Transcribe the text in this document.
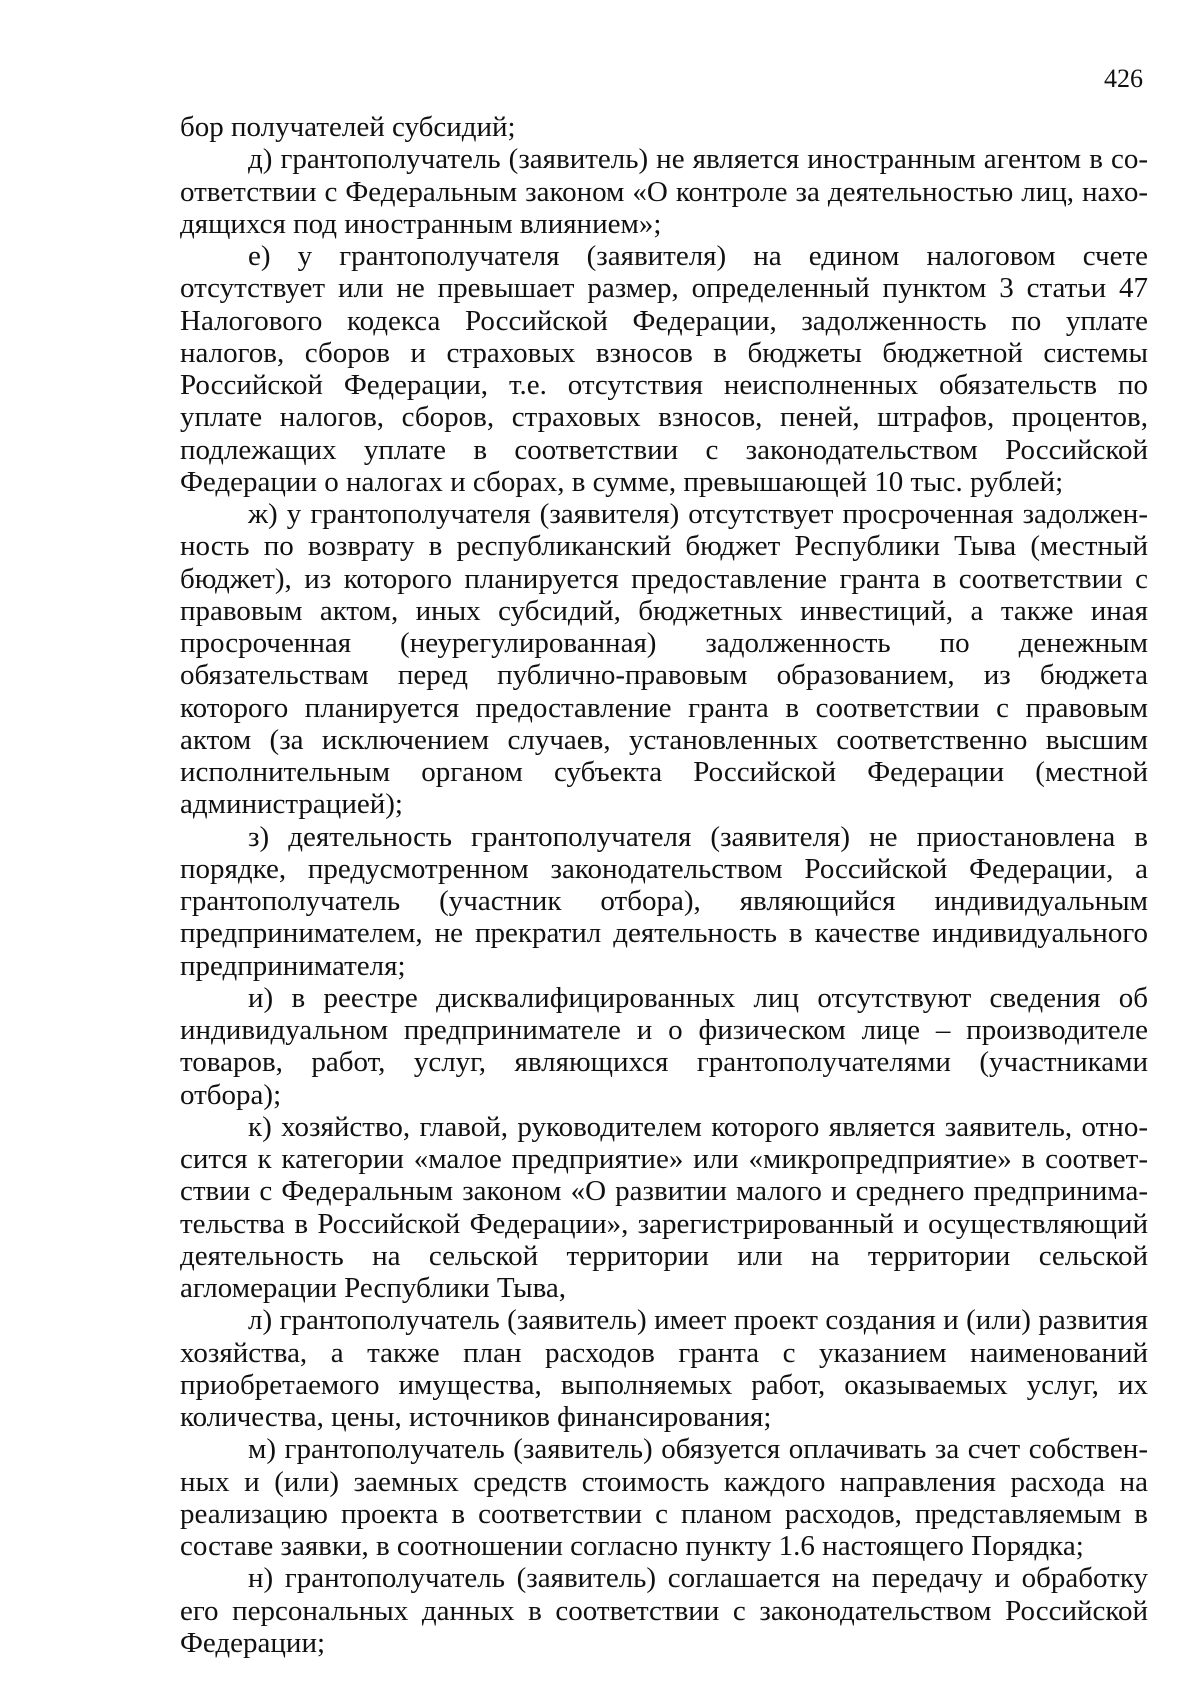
426

бор получателей субсидий;

д) грантополучатель (заявитель) не является иностранным агентом в соответствии с Федеральным законом «О контроле за деятельностью лиц, находящихся под иностранным влиянием»;

е) у грантополучателя (заявителя) на едином налоговом счете отсутствует или не превышает размер, определенный пунктом 3 статьи 47 Налогового кодекса Российской Федерации, задолженность по уплате налогов, сборов и страховых взносов в бюджеты бюджетной системы Российской Федерации, т.е. отсутствия неисполненных обязательств по уплате налогов, сборов, страховых взносов, пеней, штрафов, процентов, подлежащих уплате в соответствии с законодательством Российской Федерации о налогах и сборах, в сумме, превышающей 10 тыс. рублей;

ж) у грантополучателя (заявителя) отсутствует просроченная задолженность по возврату в республиканский бюджет Республики Тыва (местный бюджет), из которого планируется предоставление гранта в соответствии с правовым актом, иных субсидий, бюджетных инвестиций, а также иная просроченная (неурегулированная) задолженность по денежным обязательствам перед публично-правовым образованием, из бюджета которого планируется предоставление гранта в соответствии с правовым актом (за исключением случаев, установленных соответственно высшим исполнительным органом субъекта Российской Федерации (местной администрацией);

з) деятельность грантополучателя (заявителя) не приостановлена в порядке, предусмотренном законодательством Российской Федерации, а грантополучатель (участник отбора), являющийся индивидуальным предпринимателем, не прекратил деятельность в качестве индивидуального предпринимателя;

и) в реестре дисквалифицированных лиц отсутствуют сведения об индивидуальном предпринимателе и о физическом лице – производителе товаров, работ, услуг, являющихся грантополучателями (участниками отбора);

к) хозяйство, главой, руководителем которого является заявитель, относится к категории «малое предприятие» или «микропредприятие» в соответствии с Федеральным законом «О развитии малого и среднего предпринимательства в Российской Федерации», зарегистрированный и осуществляющий деятельность на сельской территории или на территории сельской агломерации Республики Тыва,

л) грантополучатель (заявитель) имеет проект создания и (или) развития хозяйства, а также план расходов гранта с указанием наименований приобретаемого имущества, выполняемых работ, оказываемых услуг, их количества, цены, источников финансирования;

м) грантополучатель (заявитель) обязуется оплачивать за счет собственных и (или) заемных средств стоимость каждого направления расхода на реализацию проекта в соответствии с планом расходов, представляемым в составе заявки, в соотношении согласно пункту 1.6 настоящего Порядка;

н) грантополучатель (заявитель) соглашается на передачу и обработку его персональных данных в соответствии с законодательством Российской Федерации;
